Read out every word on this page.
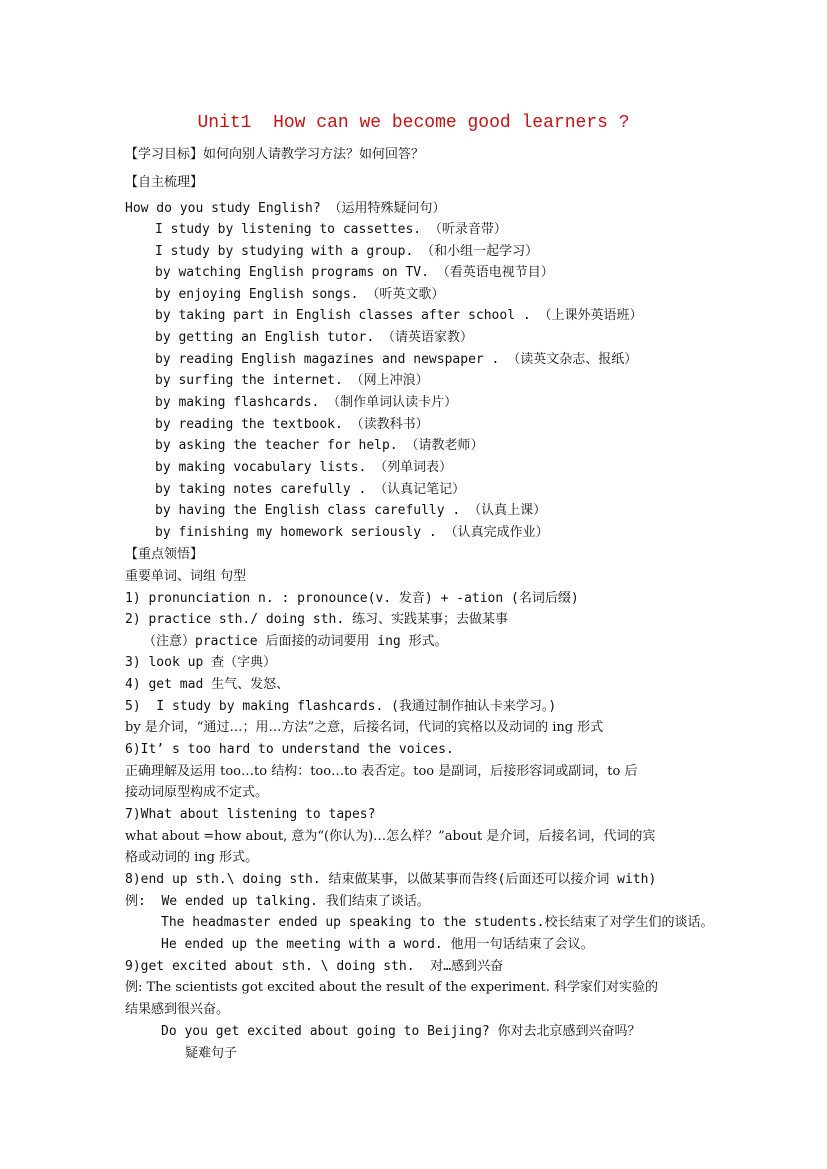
Unit1  How can we become good learners ?
【学习目标】如何向别人请教学习方法？如何回答？
【自主梳理】
How do you study English? （运用特殊疑问句）
I study by listening to cassettes. （听录音带）
I study by studying with a group. （和小组一起学习）
by watching English programs on TV. （看英语电视节目）
by enjoying English songs. （听英文歌）
by taking part in English classes after school . （上课外英语班）
by getting an English tutor. （请英语家教）
by reading English magazines and newspaper . （读英文杂志、报纸）
by surfing the internet. （网上冲浪）
by making flashcards. （制作单词认读卡片）
by reading the textbook. （读教科书）
by asking the teacher for help. （请教老师）
by making vocabulary lists. （列单词表）
by taking notes carefully . （认真记笔记）
by having the English class carefully . （认真上课）
by finishing my homework seriously . （认真完成作业）
【重点领悟】
重要单词、词组 句型
1) pronunciation n. : pronounce(v. 发音) + -ation (名词后缀)
2) practice sth./ doing sth. 练习、实践某事；去做某事
（注意）practice 后面接的动词要用 ing 形式。
3) look up 查（字典）
4) get mad 生气、发怒、
5)  I study by making flashcards. (我通过制作抽认卡来学习。)
by 是介词，“通过…；用…方法”之意，后接名词，代词的宾格以及动词的 ing 形式
6)It’ s too hard to understand the voices.
正确理解及运用 too…to 结构：too…to 表否定。too 是副词，后接形容词或副词，to 后
接动词原型构成不定式。
7)What about listening to tapes?
what about =how about, 意为“(你认为)…怎么样？”about 是介词，后接名词，代词的宾
格或动词的 ing 形式。
8)end up sth.\ doing sth. 结束做某事，以做某事而告终(后面还可以接介词 with)
例:  We ended up talking. 我们结束了谈话。
The headmaster ended up speaking to the students.校长结束了对学生们的谈话。
He ended up the meeting with a word. 他用一句话结束了会议。
9)get excited about sth. \ doing sth.  对…感到兴奋
例: The scientists got excited about the result of the experiment. 科学家们对实验的
结果感到很兴奋。
Do you get excited about going to Beijing? 你对去北京感到兴奋吗？
疑难句子
